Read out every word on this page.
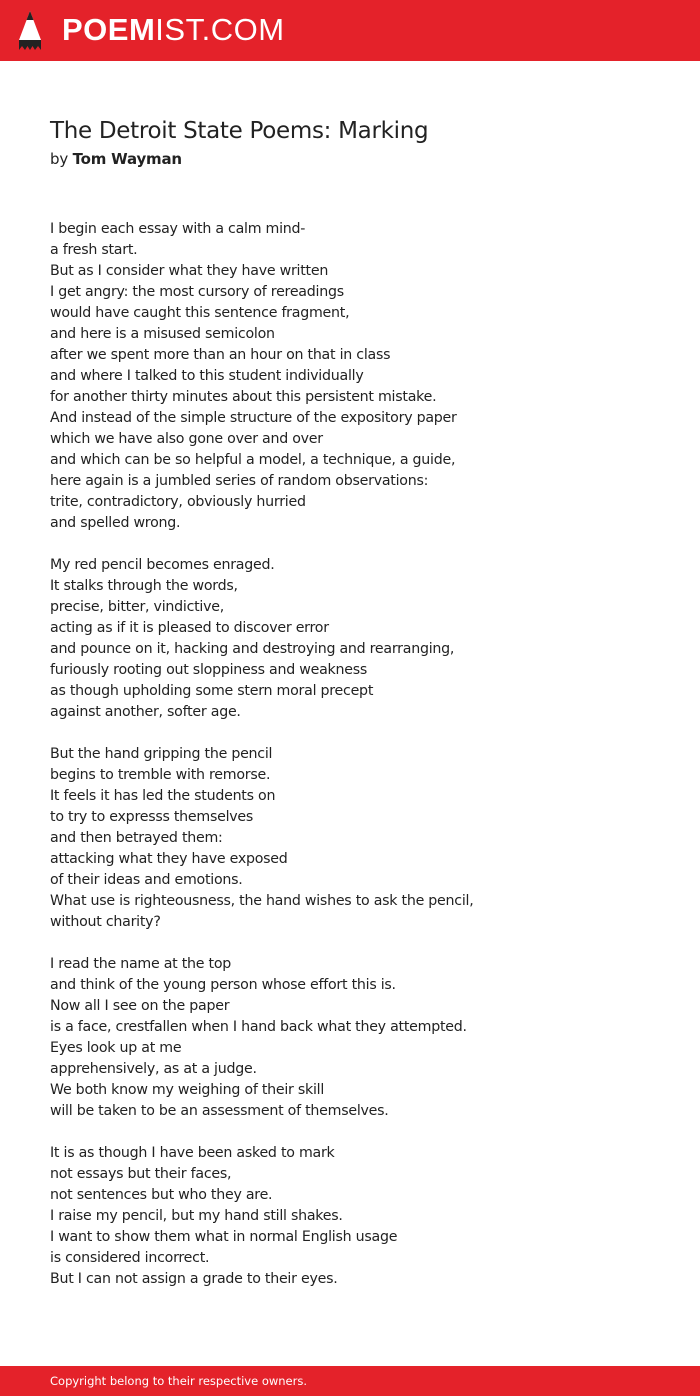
POEMIST.COM
The Detroit State Poems: Marking
by Tom Wayman
I begin each essay with a calm mind-
a fresh start.
But as I consider what they have written
I get angry: the most cursory of rereadings
would have caught this sentence fragment,
and here is a misused semicolon
after we spent more than an hour on that in class
and where I talked to this student individually
for another thirty minutes about this persistent mistake.
And instead of the simple structure of the expository paper
which we have also gone over and over
and which can be so helpful a model, a technique, a guide,
here again is a jumbled series of random observations:
trite, contradictory, obviously hurried
and spelled wrong.
My red pencil becomes enraged.
It stalks through the words,
precise, bitter, vindictive,
acting as if it is pleased to discover error
and pounce on it, hacking and destroying and rearranging,
furiously rooting out sloppiness and weakness
as though upholding some stern moral precept
against another, softer age.
But the hand gripping the pencil
begins to tremble with remorse.
It feels it has led the students on
to try to expresss themselves
and then betrayed them:
attacking what they have exposed
of their ideas and emotions.
What use is righteousness, the hand wishes to ask the pencil,
without charity?
I read the name at the top
and think of the young person whose effort this is.
Now all I see on the paper
is a face, crestfallen when I hand back what they attempted.
Eyes look up at me
apprehensively, as at a judge.
We both know my weighing of their skill
will be taken to be an assessment of themselves.
It is as though I have been asked to mark
not essays but their faces,
not sentences but who they are.
I raise my pencil, but my hand still shakes.
I want to show them what in normal English usage
is considered incorrect.
But I can not assign a grade to their eyes.
Copyright belong to their respective owners.
